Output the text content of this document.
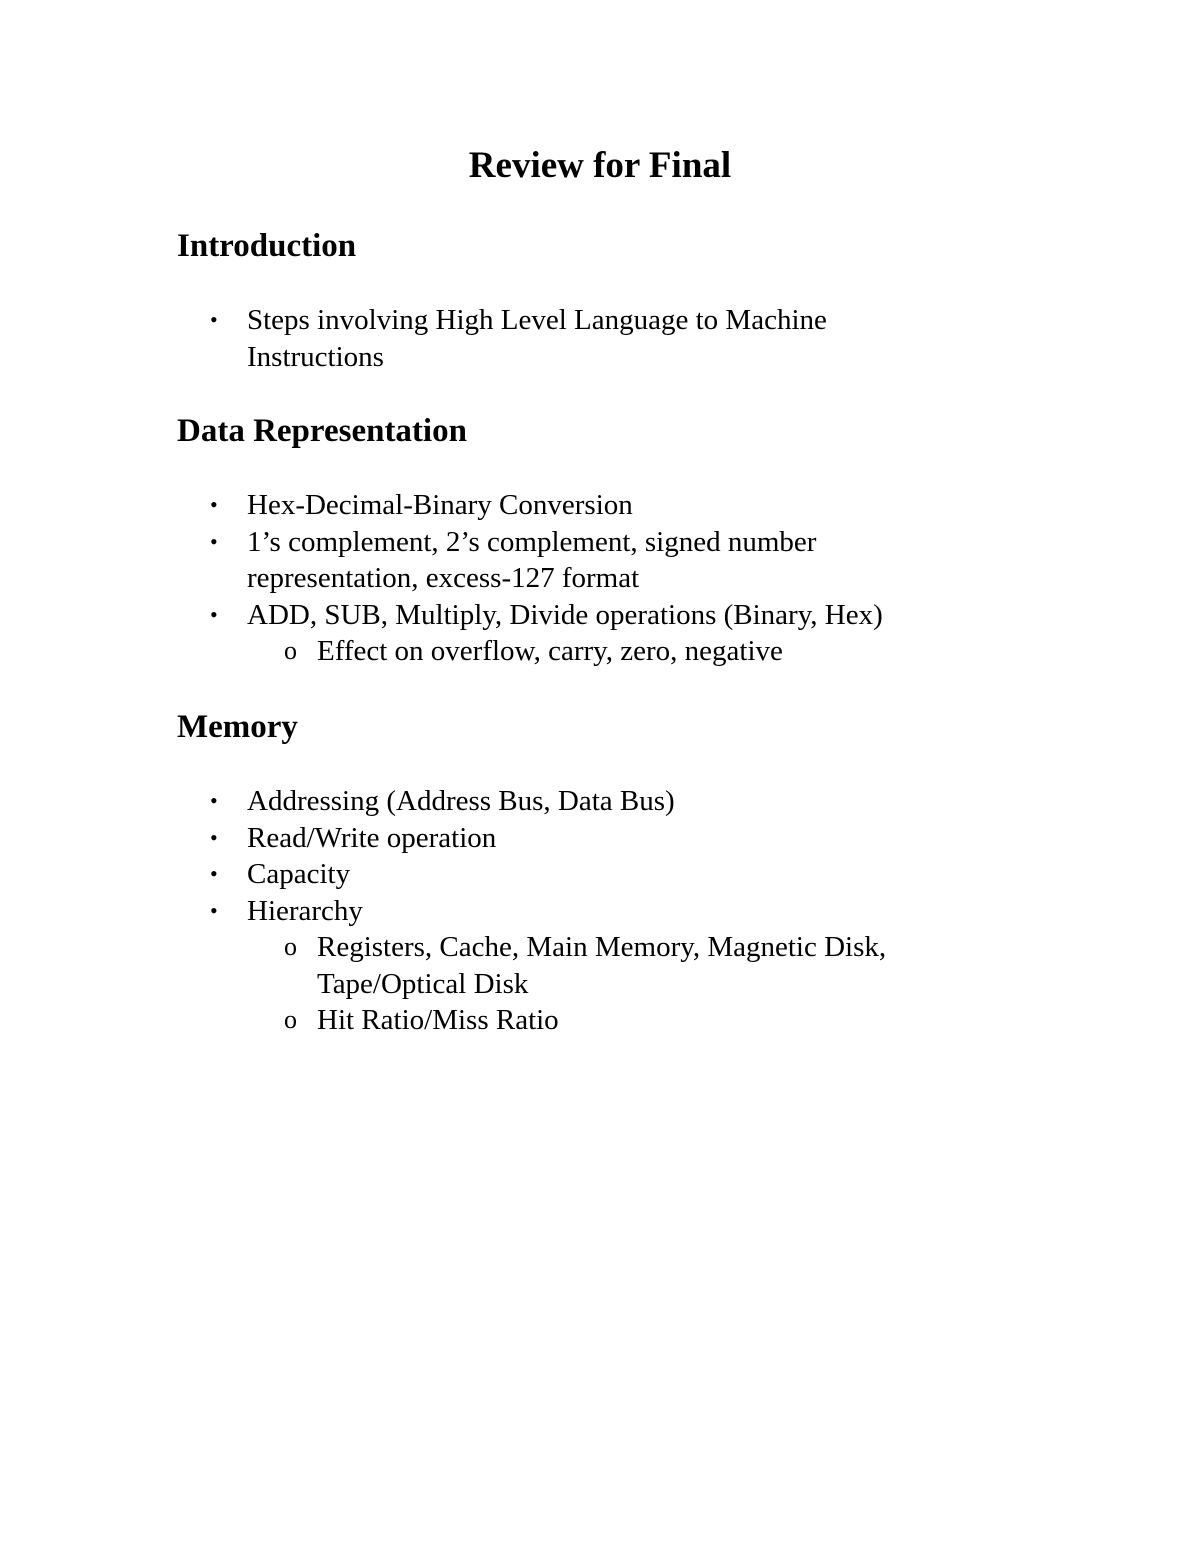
Review for Final
Introduction
• Steps involving High Level Language to Machine Instructions
Data Representation
• Hex-Decimal-Binary Conversion
• 1’s complement, 2’s complement, signed number representation, excess-127 format
• ADD, SUB, Multiply, Divide operations (Binary, Hex)
o Effect on overflow, carry, zero, negative
Memory
• Addressing (Address Bus, Data Bus)
• Read/Write operation
• Capacity
• Hierarchy
o Registers, Cache, Main Memory, Magnetic Disk, Tape/Optical Disk
o Hit Ratio/Miss Ratio
